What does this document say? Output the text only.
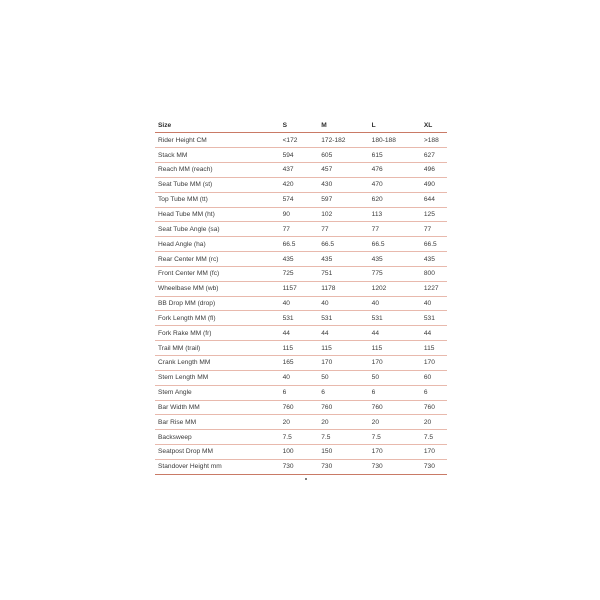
Size	S	M	L	XL
Rider Height CM	<172	172-182	180-188	>188
Stack MM	594	605	615	627
Reach MM (reach)	437	457	476	496
Seat Tube MM (st)	420	430	470	490
Top Tube MM (tt)	574	597	620	644
Head Tube MM (ht)	90	102	113	125
Seat Tube Angle (sa)	77	77	77	77
Head Angle (ha)	66.5	66.5	66.5	66.5
Rear Center MM (rc)	435	435	435	435
Front Center MM (fc)	725	751	775	800
Wheelbase MM (wb)	1157	1178	1202	1227
BB Drop MM (drop)	40	40	40	40
Fork Length MM (fl)	531	531	531	531
Fork Rake MM (fr)	44	44	44	44
Trail MM (trail)	115	115	115	115
Crank Length MM	165	170	170	170
Stem Length MM	40	50	50	60
Stem Angle	6	6	6	6
Bar Width MM	760	760	760	760
Bar Rise MM	20	20	20	20
Backsweep	7.5	7.5	7.5	7.5
Seatpost Drop MM	100	150	170	170
Standover Height mm	730	730	730	730
